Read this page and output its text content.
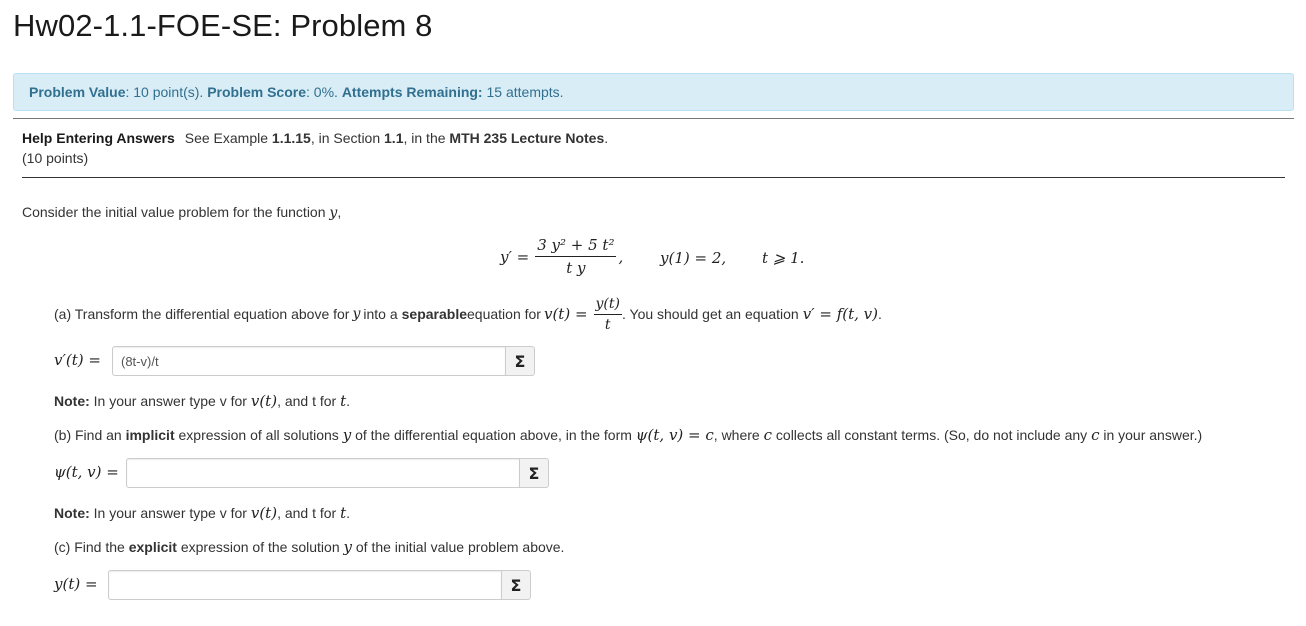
Hw02-1.1-FOE-SE: Problem 8
Problem Value: 10 point(s). Problem Score: 0%. Attempts Remaining: 15 attempts.
Help Entering Answers See Example 1.1.15, in Section 1.1, in the MTH 235 Lecture Notes.
(10 points)
Consider the initial value problem for the function y,
$y' = \frac{\text{3 y² + 5 t²}}{\text{t y}}$ , y(1) = 2, t ⩾ 1.
(a) Transform the differential equation above for y into a separable equation for $v(t) = \frac{y(t)}{t}$ . You should get an equation v′ = f(t, v) .
v′(t) =
(8t-v)/t	Σ
Note: In your answer type v for v(t), and t for t.
(b) Find an implicit expression of all solutions y of the differential equation above, in the form ψ(t, v) = c, where c collects all constant terms. (So, do not include any c in your answer.)
ψ(t, v) =	Σ
Note: In your answer type v for v(t), and t for t.
(c) Find the explicit expression of the solution y of the initial value problem above.
y(t) =	Σ
